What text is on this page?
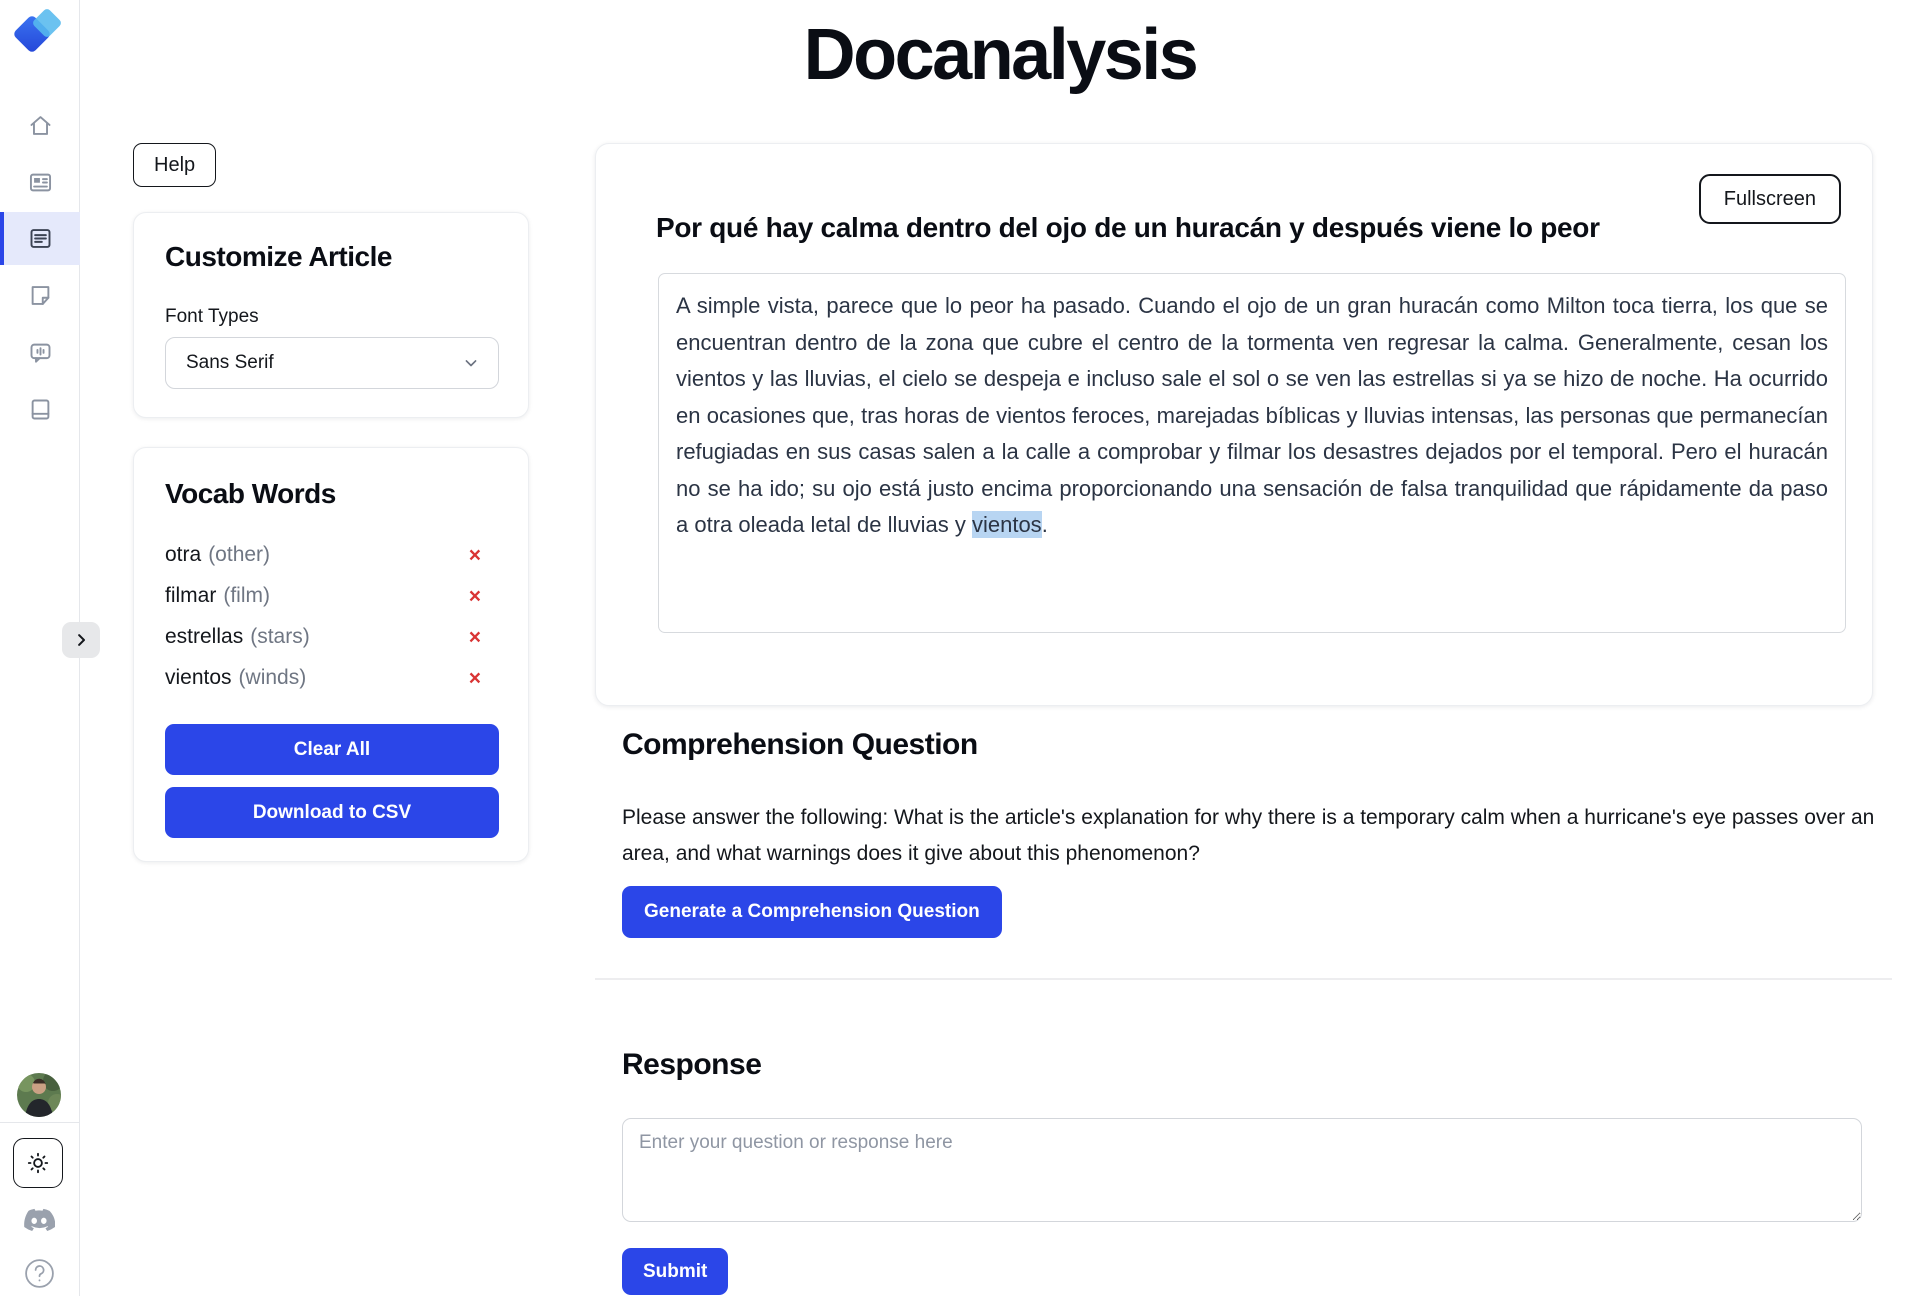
Docanalysis
Help
Customize Article
Font Types
Sans Serif
Vocab Words
otra (other)	×
filmar (film)	×
estrellas (stars)	×
vientos (winds)	×
Clear All
Download to CSV
Fullscreen
Por qué hay calma dentro del ojo de un huracán y después viene lo peor

A simple vista, parece que lo peor ha pasado. Cuando el ojo de un gran huracán como Milton toca tierra, los que se encuentran dentro de la zona que cubre el centro de la tormenta ven regresar la calma. Generalmente, cesan los vientos y las lluvias, el cielo se despeja e incluso sale el sol o se ven las estrellas si ya se hizo de noche. Ha ocurrido en ocasiones que, tras horas de vientos feroces, marejadas bíblicas y lluvias intensas, las personas que permanecían refugiadas en sus casas salen a la calle a comprobar y filmar los desastres dejados por el temporal. Pero el huracán no se ha ido; su ojo está justo encima proporcionando una sensación de falsa tranquilidad que rápidamente da paso a otra oleada letal de lluvias y vientos.

Comprehension Question

Please answer the following: What is the article's explanation for why there is a temporary calm when a hurricane's eye passes over an area, and what warnings does it give about this phenomenon?

Generate a Comprehension Question
Response
Enter your question or response here
Submit
